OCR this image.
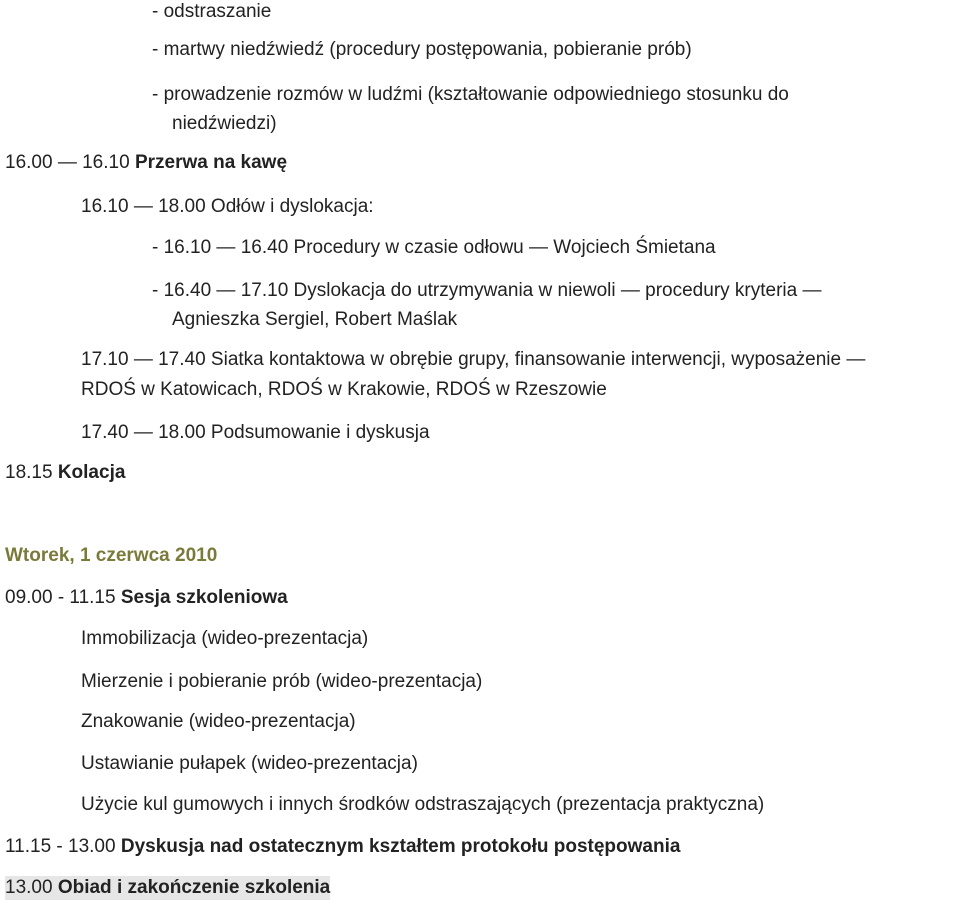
- odstraszanie
- martwy niedźwiedź (procedury postępowania, pobieranie prób)
- prowadzenie rozmów w ludźmi (kształtowanie odpowiedniego stosunku do
niedźwiedzi)
16.00 — 16.10 Przerwa na kawę
16.10 — 18.00 Odłów i dyslokacja:
- 16.10 — 16.40 Procedury w czasie odłowu — Wojciech Śmietana
- 16.40 — 17.10 Dyslokacja do utrzymywania w niewoli — procedury kryteria —
Agnieszka Sergiel, Robert Maślak
17.10 — 17.40 Siatka kontaktowa w obrębie grupy, finansowanie interwencji, wyposażenie —
RDOŚ w Katowicach, RDOŚ w Krakowie, RDOŚ w Rzeszowie
17.40 — 18.00 Podsumowanie i dyskusja
18.15 Kolacja
Wtorek, 1 czerwca 2010
09.00 - 11.15 Sesja szkoleniowa
Immobilizacja (wideo-prezentacja)
Mierzenie i pobieranie prób (wideo-prezentacja)
Znakowanie (wideo-prezentacja)
Ustawianie pułapek (wideo-prezentacja)
Użycie kul gumowych i innych środków odstraszających (prezentacja praktyczna)
11.15 - 13.00 Dyskusja nad ostatecznym kształtem protokołu postępowania
13.00 Obiad i zakończenie szkolenia
